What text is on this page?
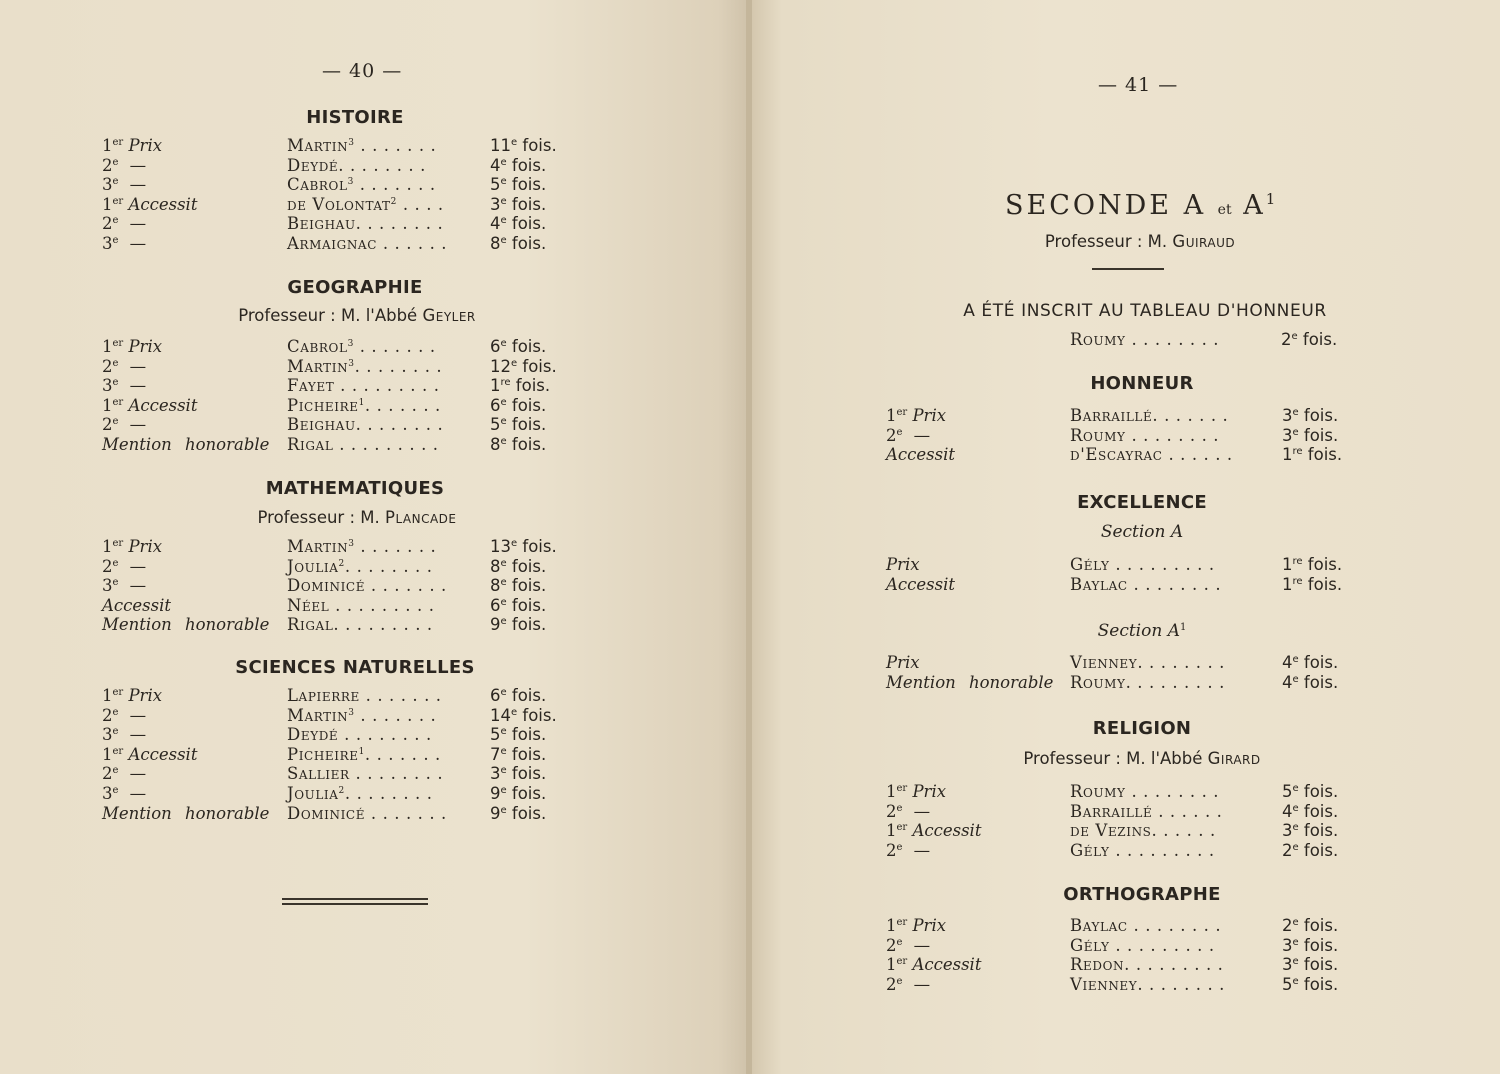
— 40 —
HISTOIRE
1er Prix	Martin$^3$ . . . . . . .	11e fois.
2e —	Deydé. . . . . . . .	4e fois.
3e —	Cabrol$^3$ . . . . . . .	5e fois.
1er Accessit	de Volontat$^2$ . . . .	3e fois.
2e —	Beighau. . . . . . . .	4e fois.
3e —	Armaignac . . . . . .	8e fois.
GEOGRAPHIE
Professeur : M. l'Abbé Geyler
1er Prix	Cabrol$^3$ . . . . . . .	6e fois.
2e —	Martin$^3$. . . . . . . .	12e fois.
3e —	Fayet . . . . . . . . .	1re fois.
1er Accessit	Picheire$^1$. . . . . . .	6e fois.
2e —	Beighau. . . . . . . .	5e fois.
Mention honorable Rigal . . . . . . . . .	8e fois.
MATHEMATIQUES
Professeur : M. Plancade
1er Prix	Martin$^3$ . . . . . . .	13e fois.
2e —	Joulia$^2$. . . . . . . .	8e fois.
3e —	Dominicé . . . . . . .	8e fois.
Accessit	Néel . . . . . . . . .	6e fois.
Mention honorable Rigal. . . . . . . . .	9e fois.
SCIENCES NATURELLES
1er Prix	Lapierre . . . . . . .	6e fois.
2e —	Martin$^3$ . . . . . . .	14e fois.
3e —	Deydé . . . . . . . .	5e fois.
1er Accessit	Picheire$^1$. . . . . . .	7e fois.
2e —	Sallier . . . . . . . .	3e fois.
3e —	Joulia$^2$. . . . . . . .	9e fois.
Mention honorable Dominicé . . . . . . .	9e fois.
— 41 —
SECONDE A et $A^1$
Professeur : M. Guiraud
A ÉTÉ INSCRIT AU TABLEAU D'HONNEUR
Roumy . . . . . . . .	2e fois.
HONNEUR
1er Prix	Barraillé. . . . . . .	3e fois.
2e —	Roumy . . . . . . . .	3e fois.
Accessit	d'Escayrac . . . . . .	1re fois.
EXCELLENCE
Section A
Prix	Gély . . . . . . . . .	1re fois.
Accessit	Baylac . . . . . . . .	1re fois.
Section $A^1$
Prix	Vienney. . . . . . . .	4e fois.
Mention honorable Roumy. . . . . . . . .	4e fois.
RELIGION
Professeur : M. l'Abbé Girard
1er Prix	Roumy . . . . . . . .	5e fois.
2e —	Barraillé . . . . . .	4e fois.
1er Accessit	de Vezins. . . . . .	3e fois.
2e —	Gély . . . . . . . . .	2e fois.
ORTHOGRAPHE
1er Prix	Baylac . . . . . . . .	2e fois.
2e —	Gély . . . . . . . . .	3e fois.
1er Accessit	Redon. . . . . . . . .	3e fois.
2e —	Vienney. . . . . . . .	5e fois.
